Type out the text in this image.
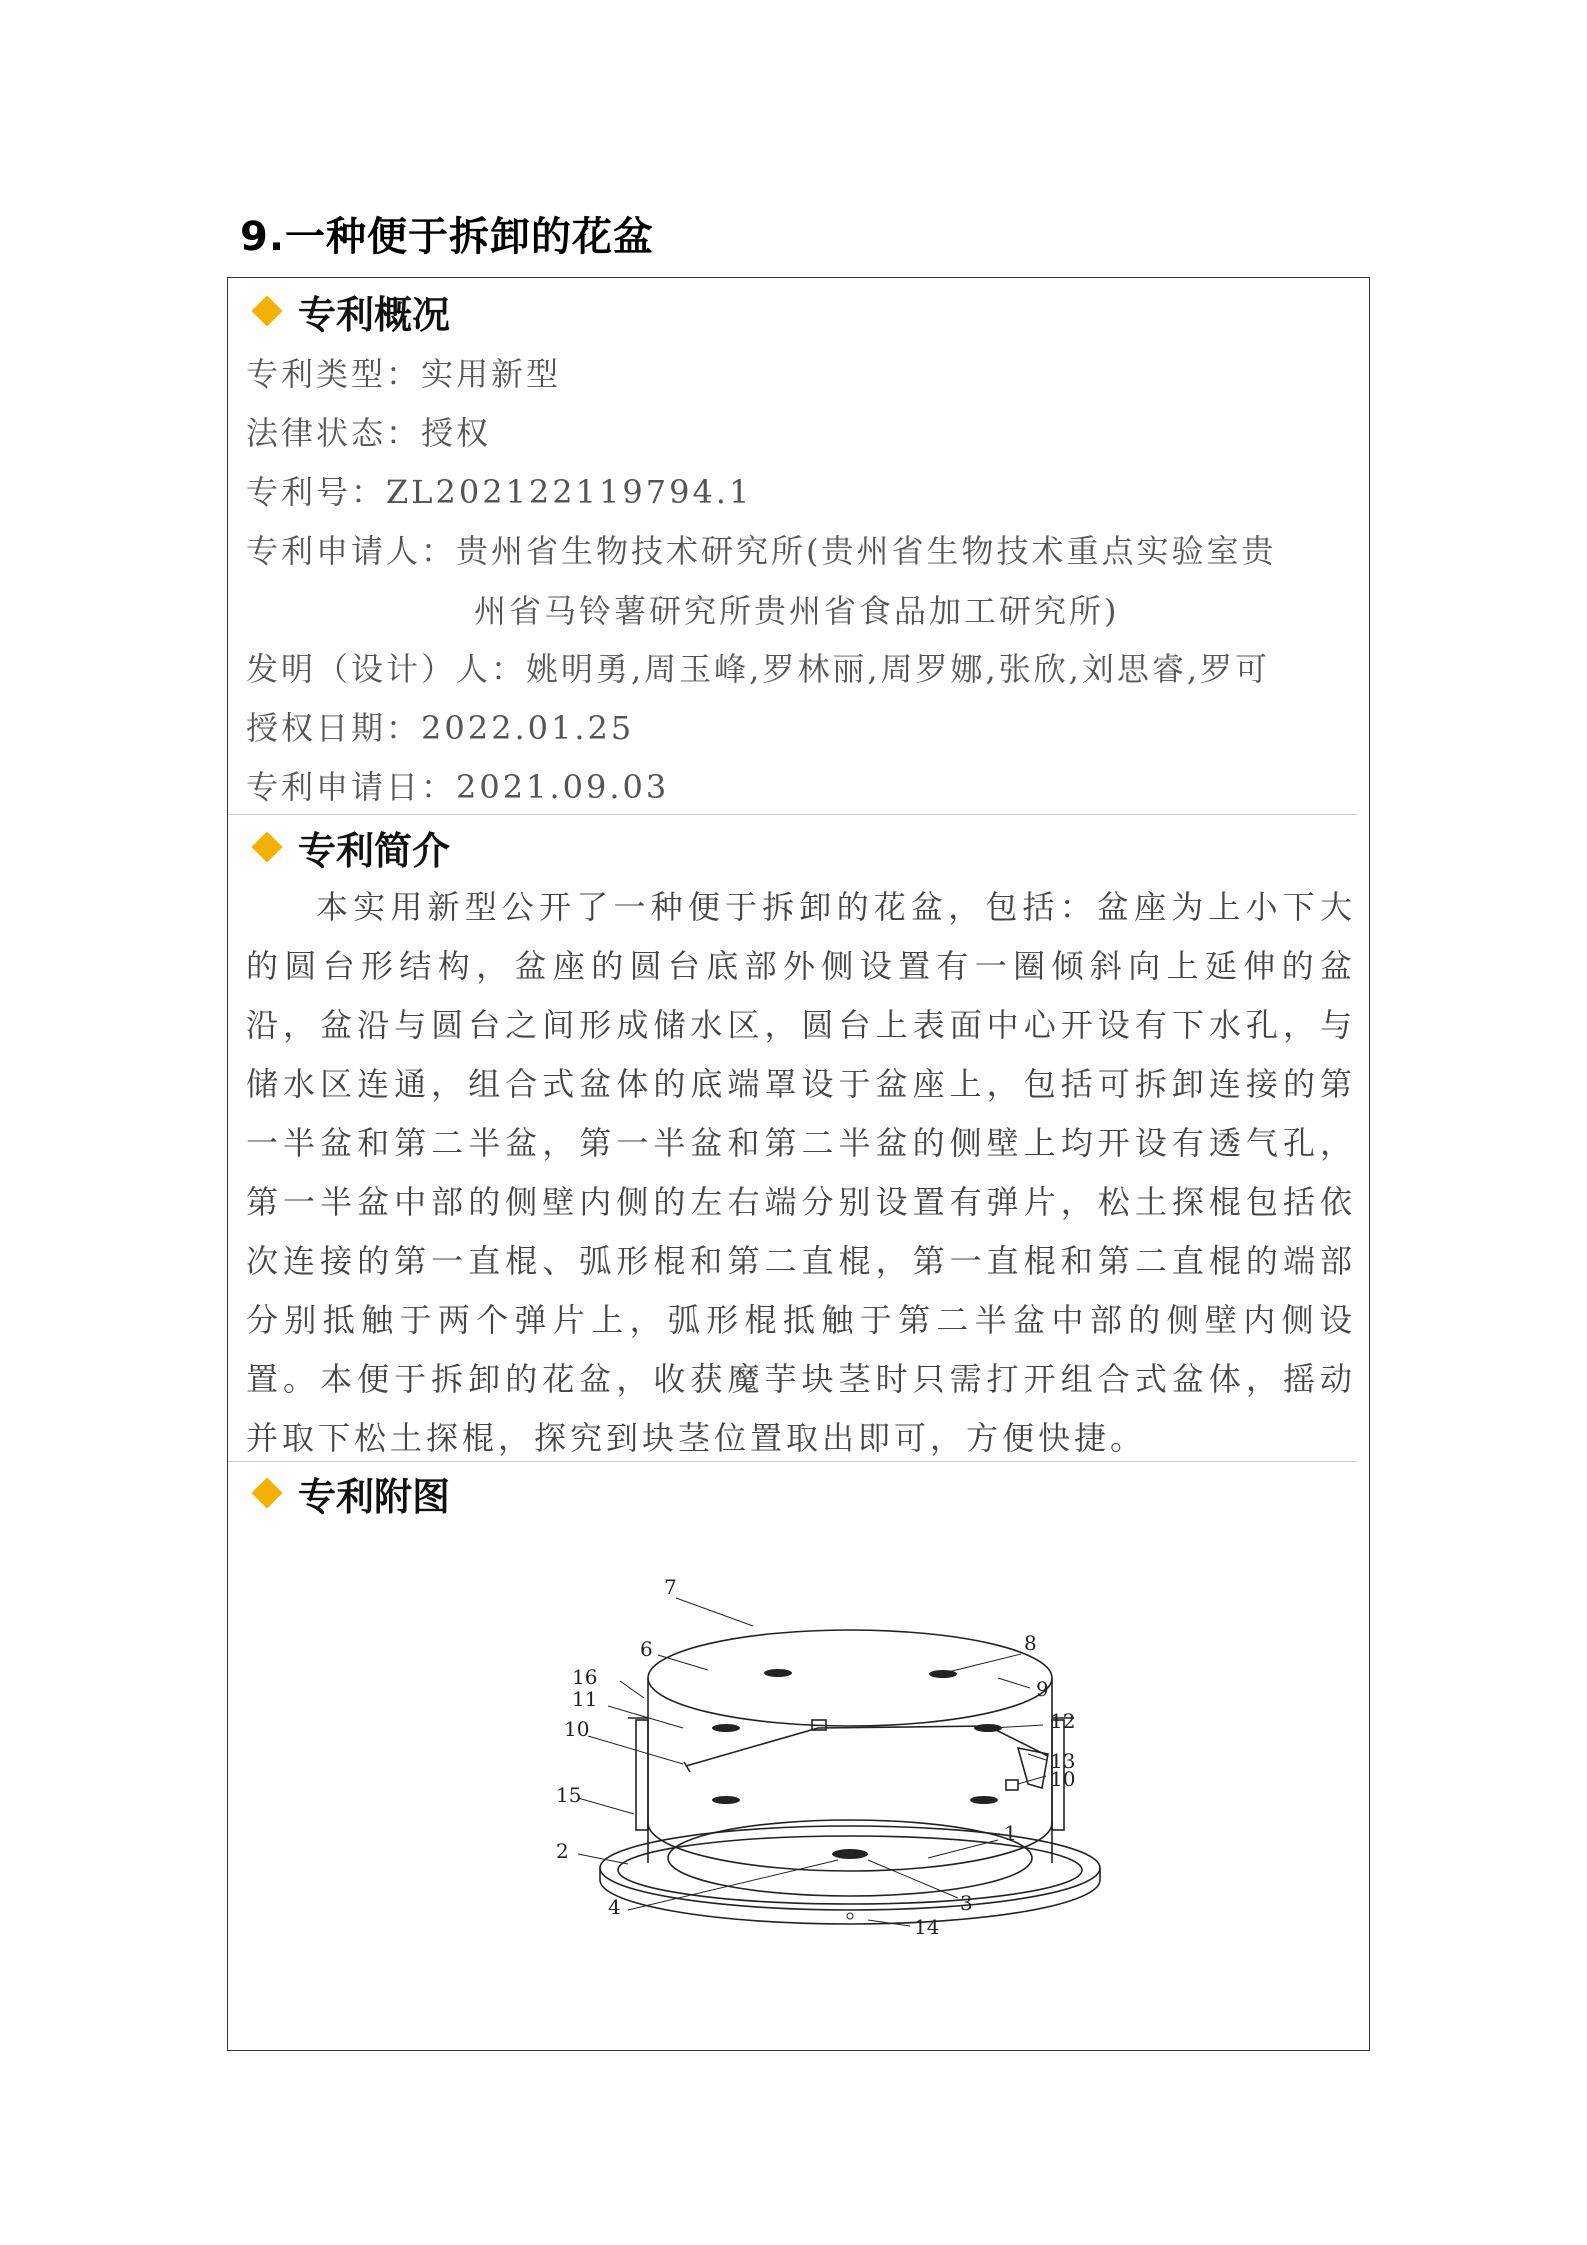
9.一种便于拆卸的花盆
专利概况
专利类型：实用新型
法律状态：授权
专利号：ZL202122119794.1
专利申请人：贵州省生物技术研究所(贵州省生物技术重点实验室贵
州省马铃薯研究所贵州省食品加工研究所)
发明（设计）人：姚明勇,周玉峰,罗林丽,周罗娜,张欣,刘思睿,罗可
授权日期：2022.01.25
专利申请日：2021.09.03
专利简介
本实用新型公开了一种便于拆卸的花盆，包括：盆座为上小下大的圆台形结构，盆座的圆台底部外侧设置有一圈倾斜向上延伸的盆沿，盆沿与圆台之间形成储水区，圆台上表面中心开设有下水孔，与储水区连通，组合式盆体的底端罩设于盆座上，包括可拆卸连接的第一半盆和第二半盆，第一半盆和第二半盆的侧壁上均开设有透气孔，第一半盆中部的侧壁内侧的左右端分别设置有弹片，松土探棍包括依次连接的第一直棍、弧形棍和第二直棍，第一直棍和第二直棍的端部分别抵触于两个弹片上，弧形棍抵触于第二半盆中部的侧壁内侧设置。本便于拆卸的花盆，收获魔芋块茎时只需打开组合式盆体，摇动并取下松土探棍，探究到块茎位置取出即可，方便快捷。
专利附图
7
6	8
9
16
11
10	12
13
10
15
1
2
4	3
14
